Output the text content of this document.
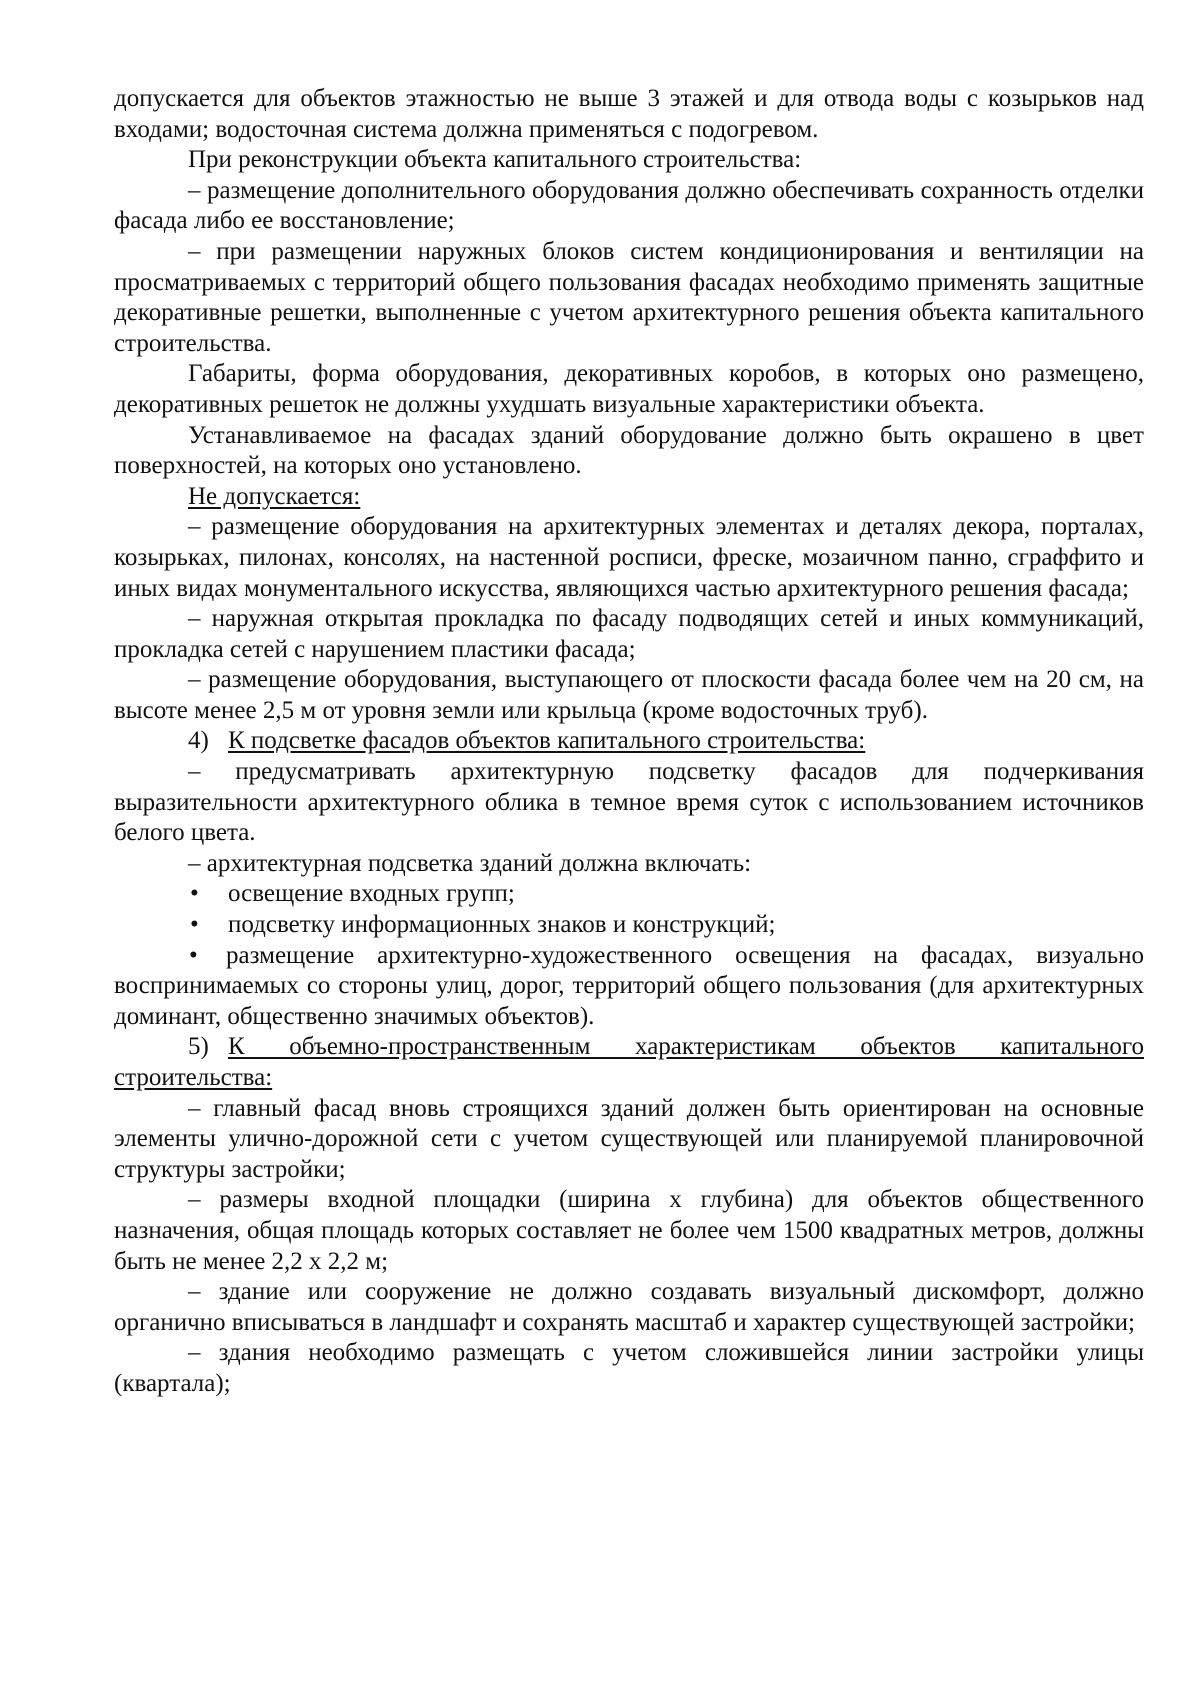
допускается для объектов этажностью не выше 3 этажей и для отвода воды с козырьков над входами; водосточная система должна применяться с подогревом.

При реконструкции объекта капитального строительства:

– размещение дополнительного оборудования должно обеспечивать сохранность отделки фасада либо ее восстановление;

– при размещении наружных блоков систем кондиционирования и вентиляции на просматриваемых с территорий общего пользования фасадах необходимо применять защитные декоративные решетки, выполненные с учетом архитектурного решения объекта капитального строительства.

Габариты, форма оборудования, декоративных коробов, в которых оно размещено, декоративных решеток не должны ухудшать визуальные характеристики объекта.

Устанавливаемое на фасадах зданий оборудование должно быть окрашено в цвет поверхностей, на которых оно установлено.

Не допускается:

– размещение оборудования на архитектурных элементах и деталях декора, порталах, козырьках, пилонах, консолях, на настенной росписи, фреске, мозаичном панно, сграффито и иных видах монументального искусства, являющихся частью архитектурного решения фасада;

– наружная открытая прокладка по фасаду подводящих сетей и иных коммуникаций, прокладка сетей с нарушением пластики фасада;

– размещение оборудования, выступающего от плоскости фасада более чем на 20 см, на высоте менее 2,5 м от уровня земли или крыльца (кроме водосточных труб).

4) К подсветке фасадов объектов капитального строительства:

– предусматривать архитектурную подсветку фасадов для подчеркивания выразительности архитектурного облика в темное время суток с использованием источников белого цвета.

– архитектурная подсветка зданий должна включать:

• освещение входных групп;

• подсветку информационных знаков и конструкций;

• размещение архитектурно-художественного освещения на фасадах, визуально воспринимаемых со стороны улиц, дорог, территорий общего пользования (для архитектурных доминант, общественно значимых объектов).

5) К объемно-пространственным характеристикам объектов капитального строительства:

– главный фасад вновь строящихся зданий должен быть ориентирован на основные элементы улично-дорожной сети с учетом существующей или планируемой планировочной структуры застройки;

– размеры входной площадки (ширина х глубина) для объектов общественного назначения, общая площадь которых составляет не более чем 1500 квадратных метров, должны быть не менее 2,2 х 2,2 м;

– здание или сооружение не должно создавать визуальный дискомфорт, должно органично вписываться в ландшафт и сохранять масштаб и характер существующей застройки;

– здания необходимо размещать с учетом сложившейся линии застройки улицы (квартала);
